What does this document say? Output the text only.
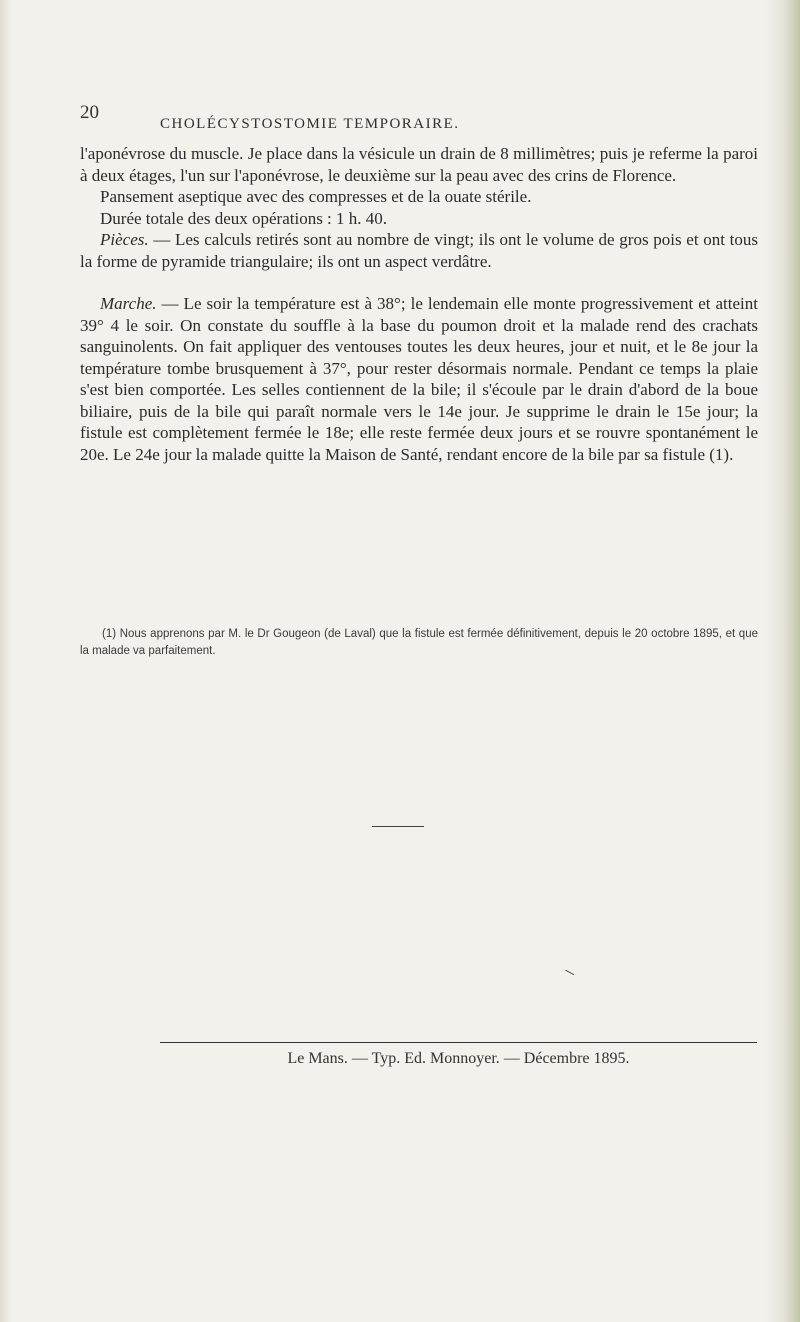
20
CHOLÉCYSTOSTOMIE TEMPORAIRE.

l'aponévrose du muscle. Je place dans la vésicule un drain de 8 millimètres; puis je referme la paroi à deux étages, l'un sur l'aponévrose, le deuxième sur la peau avec des crins de Florence.

Pansement aseptique avec des compresses et de la ouate stérile.

Durée totale des deux opérations : 1 h. 40.

Pièces. — Les calculs retirés sont au nombre de vingt; ils ont le volume de gros pois et ont tous la forme de pyramide triangulaire; ils ont un aspect verdâtre.

Marche. — Le soir la température est à 38°; le lendemain elle monte progressivement et atteint 39° 4 le soir. On constate du souffle à la base du poumon droit et la malade rend des crachats sanguinolents. On fait appliquer des ventouses toutes les deux heures, jour et nuit, et le 8e jour la température tombe brusquement à 37°, pour rester désormais normale. Pendant ce temps la plaie s'est bien comportée. Les selles contiennent de la bile; il s'écoule par le drain d'abord de la boue biliaire, puis de la bile qui paraît normale vers le 14e jour. Je supprime le drain le 15e jour; la fistule est complètement fermée le 18e; elle reste fermée deux jours et se rouvre spontanément le 20e. Le 24e jour la malade quitte la Maison de Santé, rendant encore de la bile par sa fistule (1).

(1) Nous apprenons par M. le Dr Gougeon (de Laval) que la fistule est fermée définitivement, depuis le 20 octobre 1895, et que la malade va parfaitement.

\
Le Mans. — Typ. Ed. Monnoyer. — Décembre 1895.
